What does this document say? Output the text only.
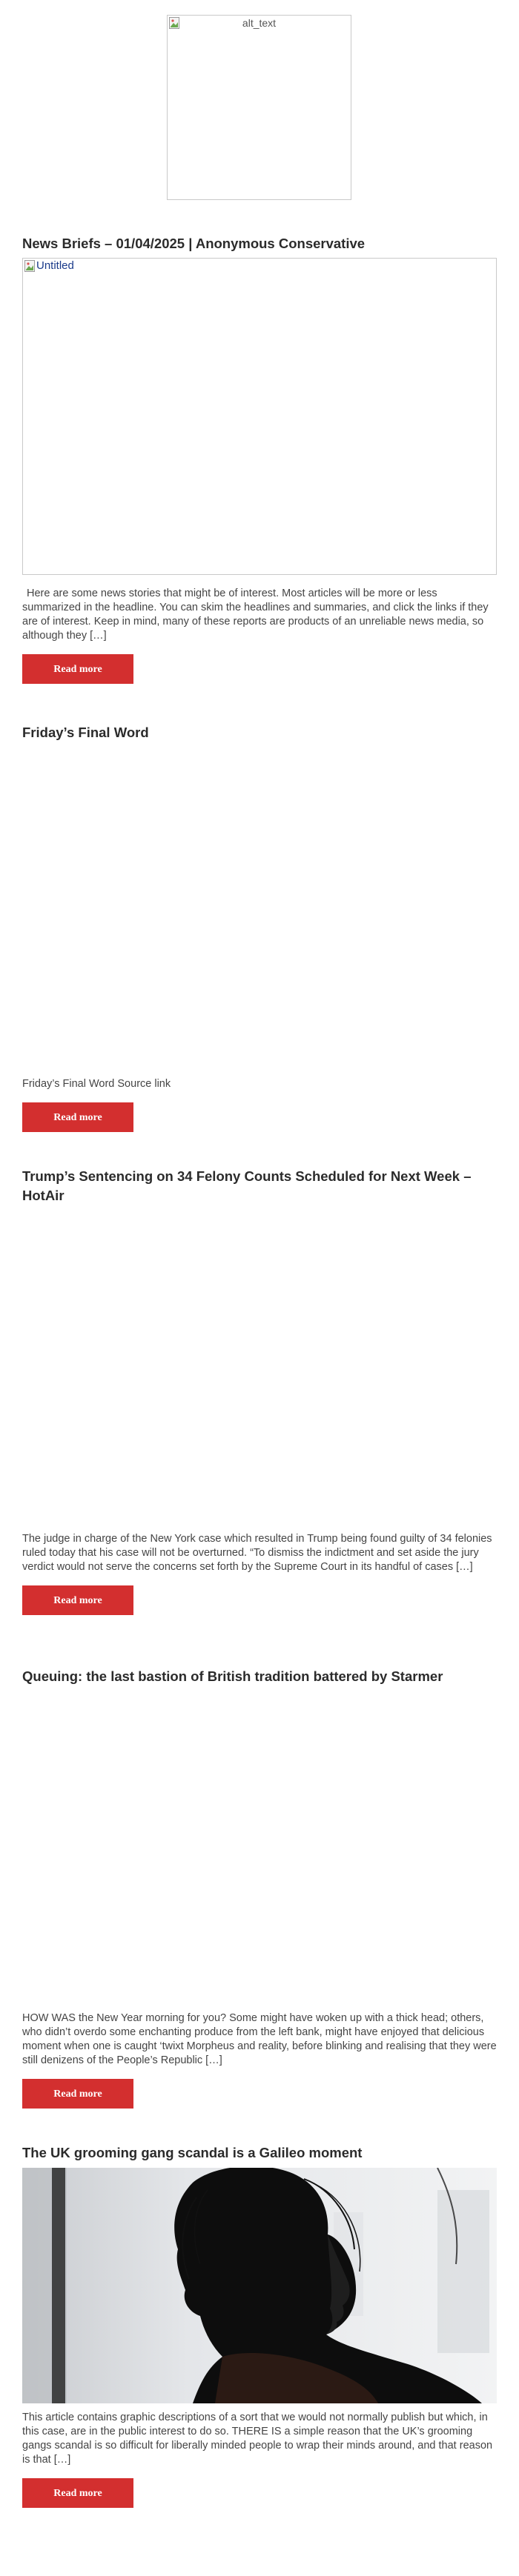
alt_text
News Briefs – 01/04/2025 | Anonymous Conservative
Untitled

Here are some news stories that might be of interest. Most articles will be more or less summarized in the headline. You can skim the headlines and summaries, and click the links if they are of interest. Keep in mind, many of these reports are products of an unreliable news media, so although they […]

Read more
Friday’s Final Word

Friday’s Final Word Source link

Read more
Trump’s Sentencing on 34 Felony Counts Scheduled for Next Week – HotAir

The judge in charge of the New York case which resulted in Trump being found guilty of 34 felonies ruled today that his case will not be overturned. “To dismiss the indictment and set aside the jury verdict would not serve the concerns set forth by the Supreme Court in its handful of cases […]

Read more
Queuing: the last bastion of British tradition battered by Starmer

HOW WAS the New Year morning for you? Some might have woken up with a thick head; others, who didn’t overdo some enchanting produce from the left bank, might have enjoyed that delicious moment when one is caught ‘twixt Morpheus and reality, before blinking and realising that they were still denizens of the People’s Republic […]

Read more
The UK grooming gang scandal is a Galileo moment

This article contains graphic descriptions of a sort that we would not normally publish but which, in this case, are in the public interest to do so. THERE IS a simple reason that the UK’s grooming gangs scandal is so difficult for liberally minded people to wrap their minds around, and that reason is that […]

Read more
